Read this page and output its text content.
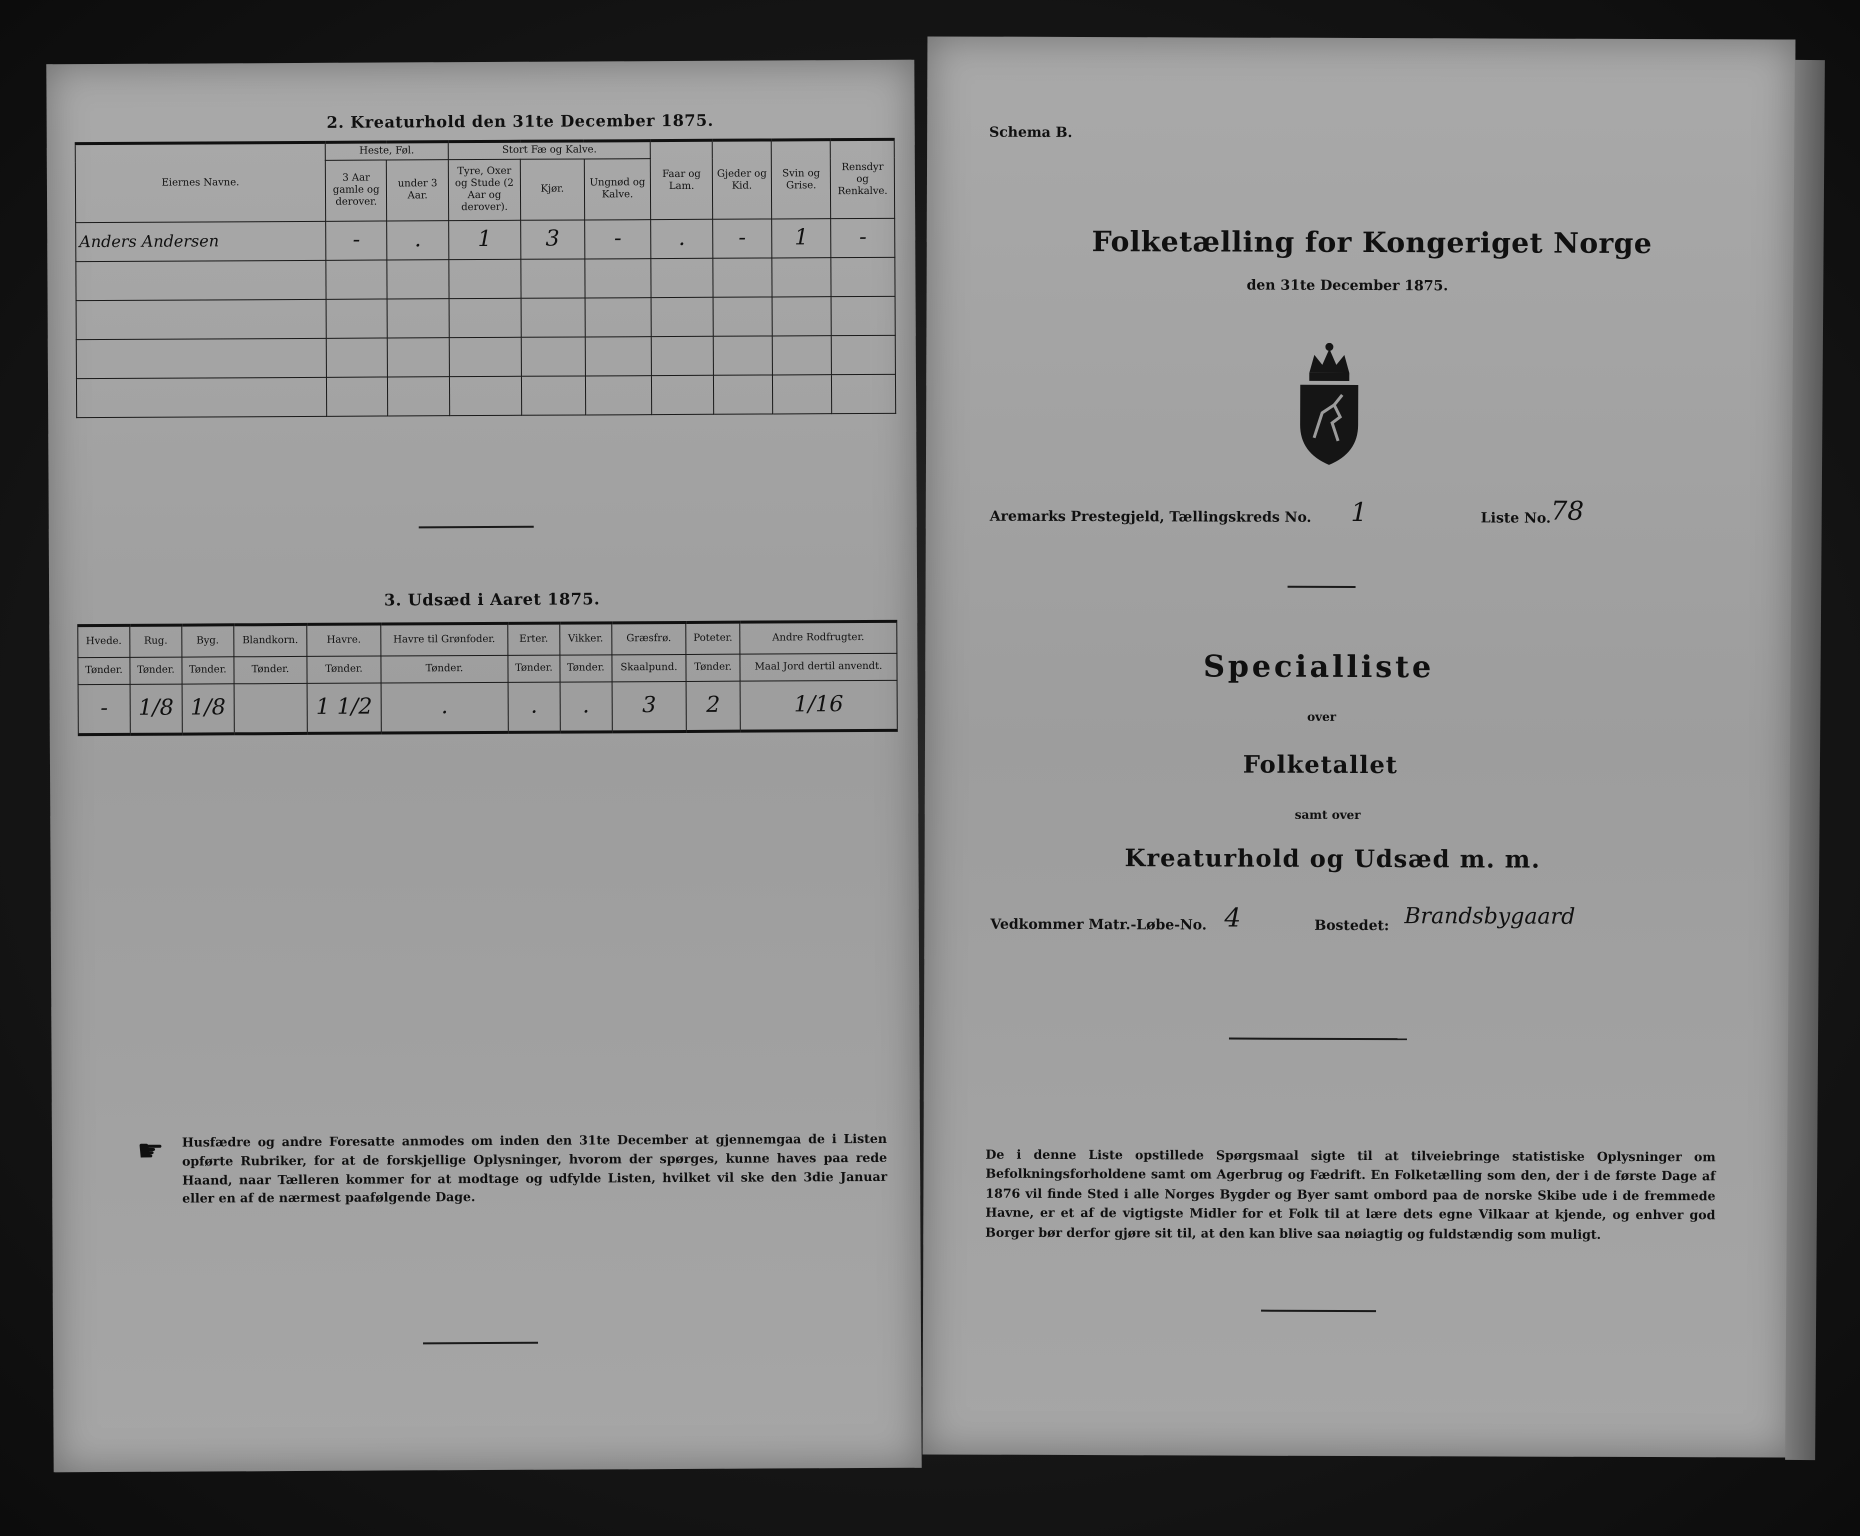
2. Kreaturhold den 31te December 1875.
Eiernes Navne.	Heste, Føl.		Stort Fæ og Kalve.			Faar og Lam.	Gjeder og Kid.	Svin og Grise.	Rensdyr og Renkalve.
	3 Aar gamle og derover.	under 3 Aar.	Tyre, Oxer og Stude (2 Aar og derover).	Kjør.	Ungnød og Kalve.				
Anders Andersen	-	.	1	3	-	.	-	1	-

3. Udsæd i Aaret 1875.
Hvede.	Rug.	Byg.	Blandkorn.	Havre.	Havre til Grønfoder.	Erter.	Vikker.	Græsfrø.	Poteter.	Andre Rodfrugter.
Tønder.	Tønder.	Tønder.	Tønder.	Tønder.	Tønder.	Tønder.	Tønder.	Skaalpund.	Tønder.	Maal Jord dertil anvendt.
-	1/8	1/8		1 1/2	.	.	.	3	2	1/16
☛ Husfædre og andre Foresatte anmodes om inden den 31te December at gjennemgaa de i Listen opførte Rubriker, for at de forskjellige Oplysninger, hvorom der spørges, kunne haves paa rede Haand, naar Tælleren kommer for at modtage og udfylde Listen, hvilket vil ske den 3die Januar eller en af de nærmest paafølgende Dage.
Schema B.
Folketælling for Kongeriget Norge
den 31te December 1875.
Aremarks Prestegjeld, Tællingskreds No. 1	Liste No. 78
Specialliste
over
Folketallet
samt over
Kreaturhold og Udsæd m. m.
Vedkommer Matr.-Løbe-No. 4	Bostedet: Brandsbygaard
De i denne Liste opstillede Spørgsmaal sigte til at tilveiebringe statistiske Oplysninger om Befolkningsforholdene samt om Agerbrug og Fædrift. En Folketælling som den, der i de første Dage af 1876 vil finde Sted i alle Norges Bygder og Byer samt ombord paa de norske Skibe ude i de fremmede Havne, er et af de vigtigste Midler for et Folk til at lære dets egne Vilkaar at kjende, og enhver god Borger bør derfor gjøre sit til, at den kan blive saa nøiagtig og fuldstændig som muligt.
